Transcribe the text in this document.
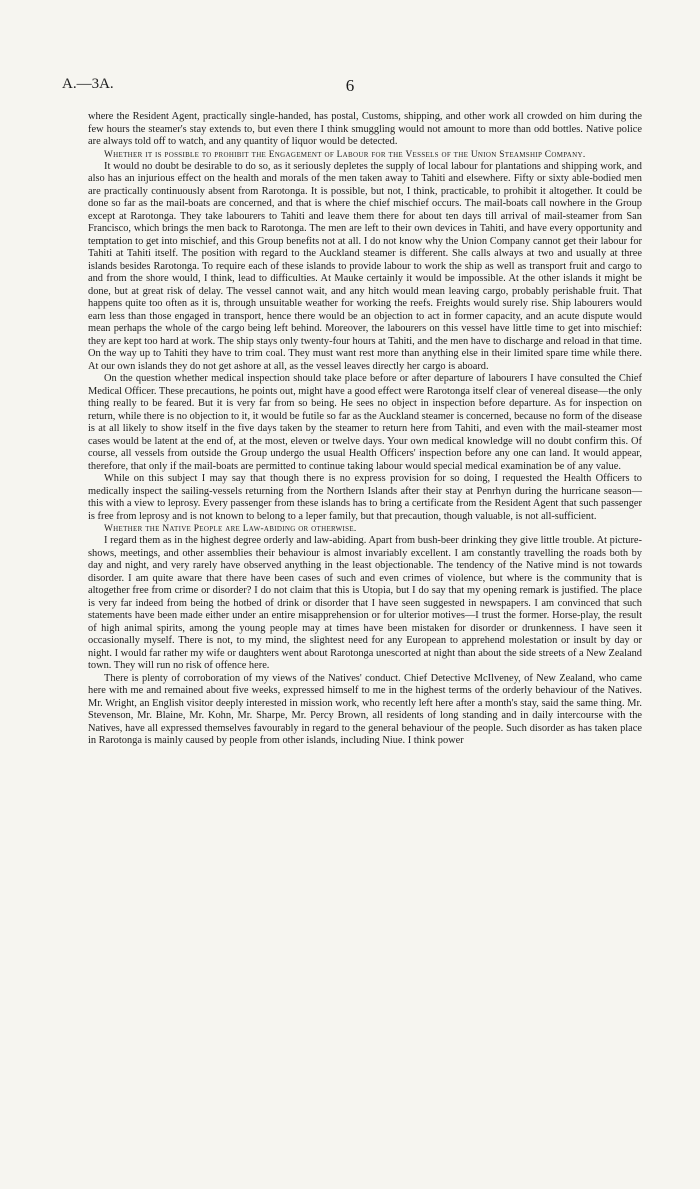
A.—3A.	6

where the Resident Agent, practically single-handed, has postal, Customs, shipping, and other work all crowded on him during the few hours the steamer's stay extends to, but even there I think smuggling would not amount to more than odd bottles. Native police are always told off to watch, and any quantity of liquor would be detected.

Whether it is possible to prohibit the Engagement of Labour for the Vessels of the Union Steamship Company.

It would no doubt be desirable to do so, as it seriously depletes the supply of local labour for plantations and shipping work, and also has an injurious effect on the health and morals of the men taken away to Tahiti and elsewhere. Fifty or sixty able-bodied men are practically continuously absent from Rarotonga. It is possible, but not, I think, practicable, to prohibit it altogether. It could be done so far as the mail-boats are concerned, and that is where the chief mischief occurs. The mail-boats call nowhere in the Group except at Rarotonga. They take labourers to Tahiti and leave them there for about ten days till arrival of mail-steamer from San Francisco, which brings the men back to Rarotonga. The men are left to their own devices in Tahiti, and have every opportunity and temptation to get into mischief, and this Group benefits not at all. I do not know why the Union Company cannot get their labour for Tahiti at Tahiti itself. The position with regard to the Auckland steamer is different. She calls always at two and usually at three islands besides Rarotonga. To require each of these islands to provide labour to work the ship as well as transport fruit and cargo to and from the shore would, I think, lead to difficulties. At Mauke certainly it would be impossible. At the other islands it might be done, but at great risk of delay. The vessel cannot wait, and any hitch would mean leaving cargo, probably perishable fruit. That happens quite too often as it is, through unsuitable weather for working the reefs. Freights would surely rise. Ship labourers would earn less than those engaged in transport, hence there would be an objection to act in former capacity, and an acute dispute would mean perhaps the whole of the cargo being left behind. Moreover, the labourers on this vessel have little time to get into mischief: they are kept too hard at work. The ship stays only twenty-four hours at Tahiti, and the men have to discharge and reload in that time. On the way up to Tahiti they have to trim coal. They must want rest more than anything else in their limited spare time while there. At our own islands they do not get ashore at all, as the vessel leaves directly her cargo is aboard.

On the question whether medical inspection should take place before or after departure of labourers I have consulted the Chief Medical Officer. These precautions, he points out, might have a good effect were Rarotonga itself clear of venereal disease—the only thing really to be feared. But it is very far from so being. He sees no object in inspection before departure. As for inspection on return, while there is no objection to it, it would be futile so far as the Auckland steamer is concerned, because no form of the disease is at all likely to show itself in the five days taken by the steamer to return here from Tahiti, and even with the mail-steamer most cases would be latent at the end of, at the most, eleven or twelve days. Your own medical knowledge will no doubt confirm this. Of course, all vessels from outside the Group undergo the usual Health Officers' inspection before any one can land. It would appear, therefore, that only if the mail-boats are permitted to continue taking labour would special medical examination be of any value.

While on this subject I may say that though there is no express provision for so doing, I requested the Health Officers to medically inspect the sailing-vessels returning from the Northern Islands after their stay at Penrhyn during the hurricane season—this with a view to leprosy. Every passenger from these islands has to bring a certificate from the Resident Agent that such passenger is free from leprosy and is not known to belong to a leper family, but that precaution, though valuable, is not all-sufficient.

Whether the Native People are Law-abiding or otherwise.

I regard them as in the highest degree orderly and law-abiding. Apart from bush-beer drinking they give little trouble. At picture-shows, meetings, and other assemblies their behaviour is almost invariably excellent. I am constantly travelling the roads both by day and night, and very rarely have observed anything in the least objectionable. The tendency of the Native mind is not towards disorder. I am quite aware that there have been cases of such and even crimes of violence, but where is the community that is altogether free from crime or disorder? I do not claim that this is Utopia, but I do say that my opening remark is justified. The place is very far indeed from being the hotbed of drink or disorder that I have seen suggested in newspapers. I am convinced that such statements have been made either under an entire misapprehension or for ulterior motives—I trust the former. Horse-play, the result of high animal spirits, among the young people may at times have been mistaken for disorder or drunkenness. I have seen it occasionally myself. There is not, to my mind, the slightest need for any European to apprehend molestation or insult by day or night. I would far rather my wife or daughters went about Rarotonga unescorted at night than about the side streets of a New Zealand town. They will run no risk of offence here.

There is plenty of corroboration of my views of the Natives' conduct. Chief Detective McIlveney, of New Zealand, who came here with me and remained about five weeks, expressed himself to me in the highest terms of the orderly behaviour of the Natives. Mr. Wright, an English visitor deeply interested in mission work, who recently left here after a month's stay, said the same thing. Mr. Stevenson, Mr. Blaine, Mr. Kohn, Mr. Sharpe, Mr. Percy Brown, all residents of long standing and in daily intercourse with the Natives, have all expressed themselves favourably in regard to the general behaviour of the people. Such disorder as has taken place in Rarotonga is mainly caused by people from other islands, including Niue. I think power
